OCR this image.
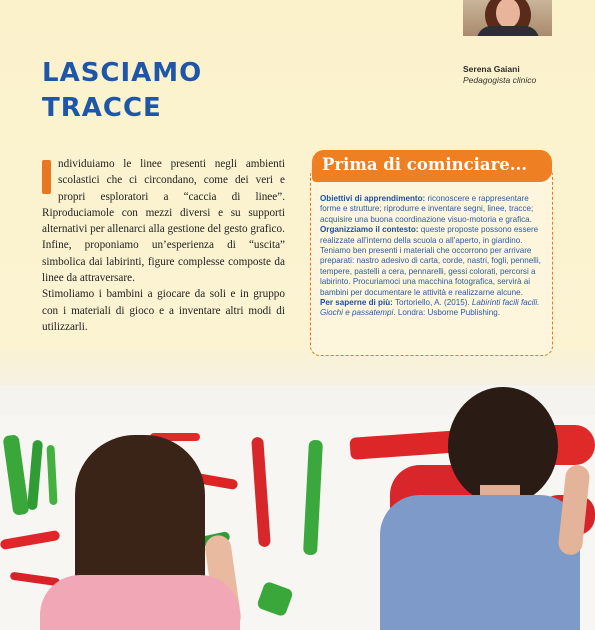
Serena Gaiani
Pedagogista clinico
LASCIAMO TRACCE

ndividuiamo le linee presenti negli ambienti scolastici che ci circondano, come dei veri e propri esploratori a “caccia di linee”. Riproduciamole con mezzi diversi e su supporti alternativi per allenarci alla gestione del gesto grafico.

Infine, proponiamo un’esperienza di “uscita” simbolica dai labirinti, figure complesse composte da linee da attraversare.

Stimoliamo i bambini a giocare da soli e in gruppo con i materiali di gioco e a inventare altri modi di utilizzarli.

Prima di cominciare...

Obiettivi di apprendimento: riconoscere e rappresentare forme e strutture; riprodurre e inventare segni, linee, tracce; acquisire una buona coordinazione visuo-motoria e grafica.

Organizziamo il contesto: queste proposte possono essere realizzate all’interno della scuola o all’aperto, in giardino. Teniamo ben presenti i materiali che occorrono per arrivare preparati: nastro adesivo di carta, corde, nastri, fogli, pennelli, tempere, pastelli a cera, pennarelli, gessi colorati, percorsi a labirinto. Procuriamoci una macchina fotografica, servirà ai bambini per documentare le attività e realizzarne alcune.

Per saperne di più: Tortoriello, A. (2015). Labirinti facili facili. Giochi e passatempi. Londra: Usborne Publishing.
